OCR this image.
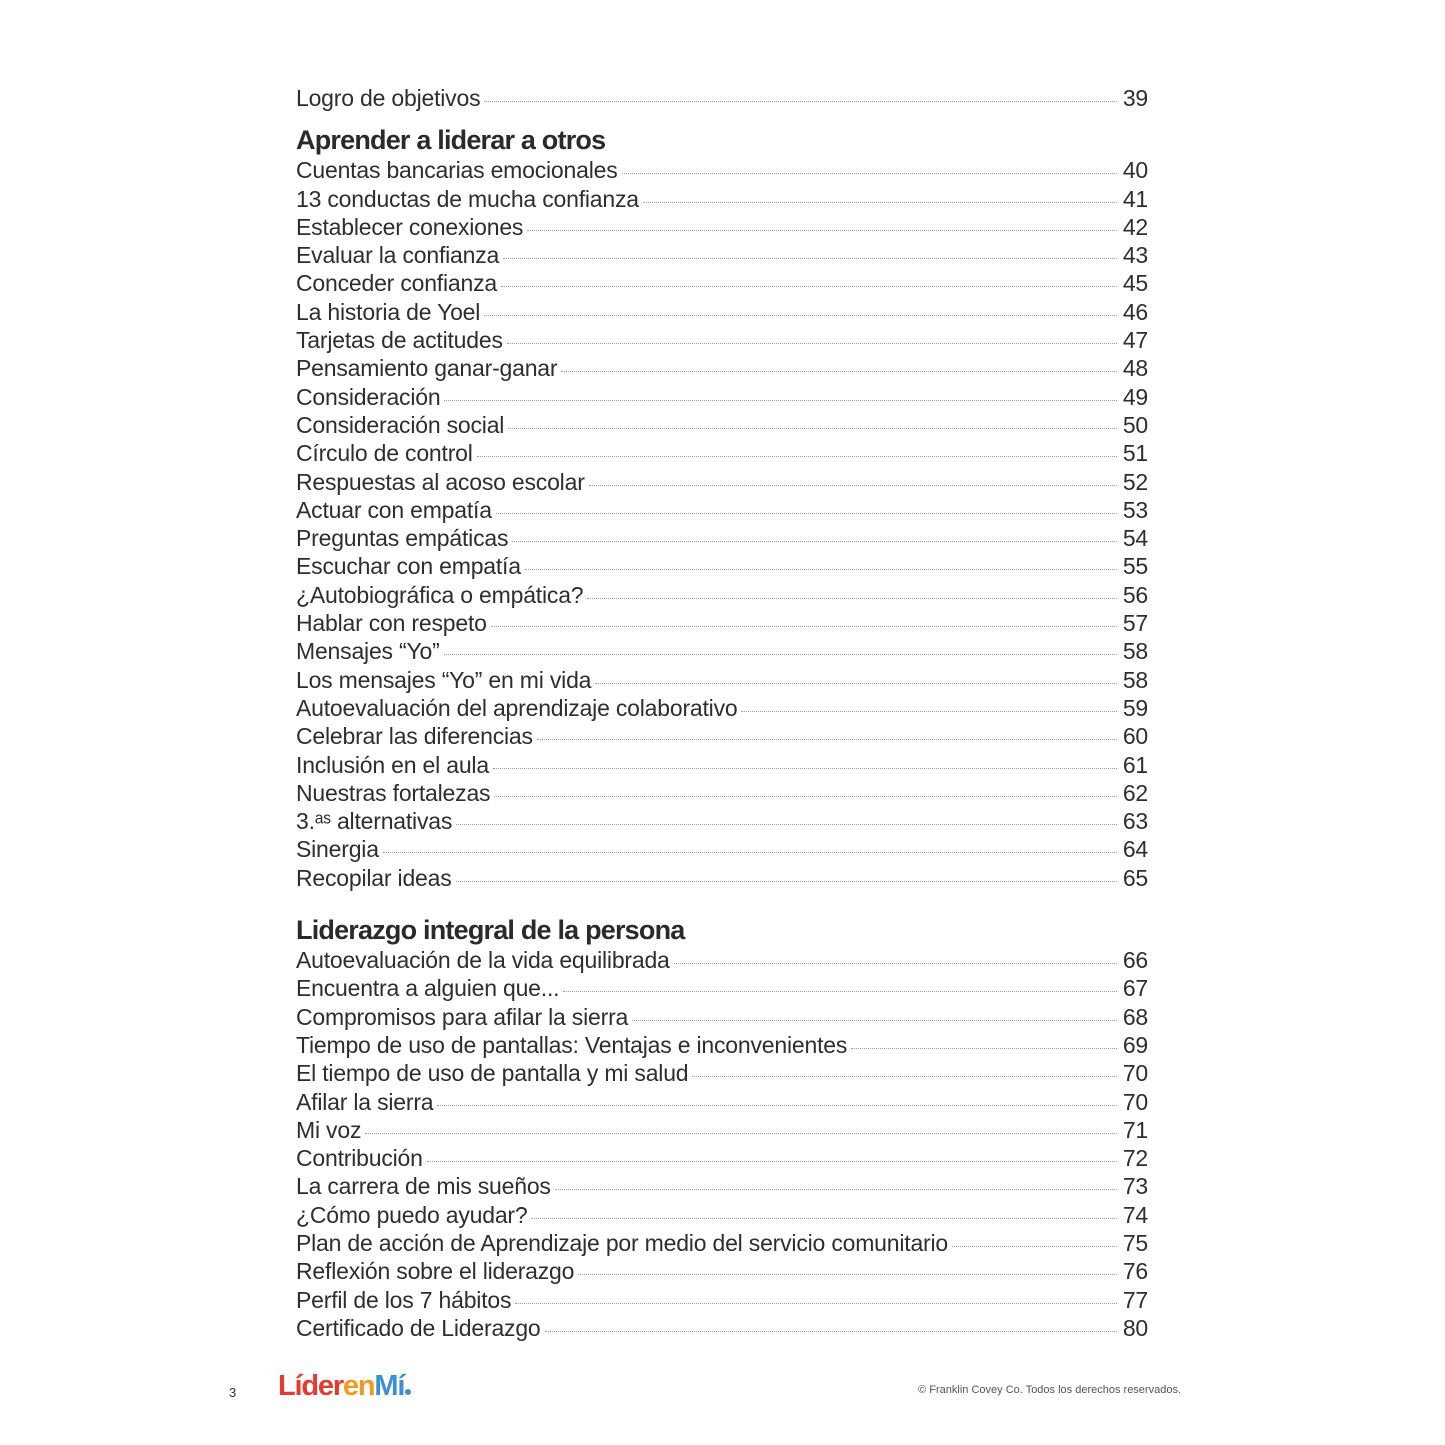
Logro de objetivos	39
Aprender a liderar a otros
Cuentas bancarias emocionales	40
13 conductas de mucha confianza	41
Establecer conexiones	42
Evaluar la confianza	43
Conceder confianza	45
La historia de Yoel	46
Tarjetas de actitudes	47
Pensamiento ganar-ganar	48
Consideración	49
Consideración social	50
Círculo de control	51
Respuestas al acoso escolar	52
Actuar con empatía	53
Preguntas empáticas	54
Escuchar con empatía	55
¿Autobiográfica o empática?	56
Hablar con respeto	57
Mensajes “Yo”	58
Los mensajes “Yo” en mi vida	58
Autoevaluación del aprendizaje colaborativo	59
Celebrar las diferencias	60
Inclusión en el aula	61
Nuestras fortalezas	62
3.ᵃˢ alternativas	63
Sinergia	64
Recopilar ideas	65
Liderazgo integral de la persona
Autoevaluación de la vida equilibrada	66
Encuentra a alguien que...	67
Compromisos para afilar la sierra	68
Tiempo de uso de pantallas: Ventajas e inconvenientes	69
El tiempo de uso de pantalla y mi salud	70
Afilar la sierra	70
Mi voz	71
Contribución	72
La carrera de mis sueños	73
¿Cómo puedo ayudar?	74
Plan de acción de Aprendizaje por medio del servicio comunitario	75
Reflexión sobre el liderazgo	76
Perfil de los 7 hábitos	77
Certificado de Liderazgo	80
3 LíderenMí	© Franklin Covey Co. Todos los derechos reservados.
